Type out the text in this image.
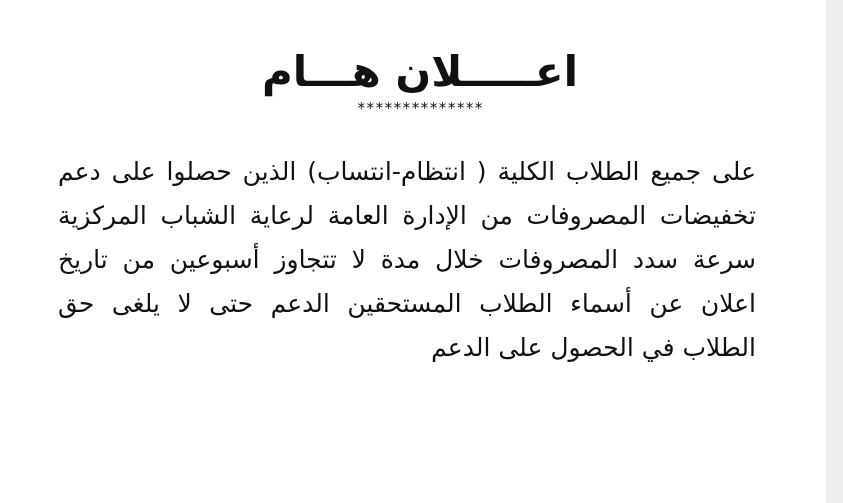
اعـــــلان هـــام
**************
على جميع الطلاب الكلية ( انتظام-انتساب) الذين حصلوا على دعم
تخفيضات المصروفات من الإدارة العامة لرعاية الشباب المركزية
سرعة سدد المصروفات خلال مدة لا تتجاوز أسبوعين من تاريخ
اعلان عن أسماء الطلاب المستحقين الدعم حتى لا يلغى حق
الطلاب في الحصول على الدعم
